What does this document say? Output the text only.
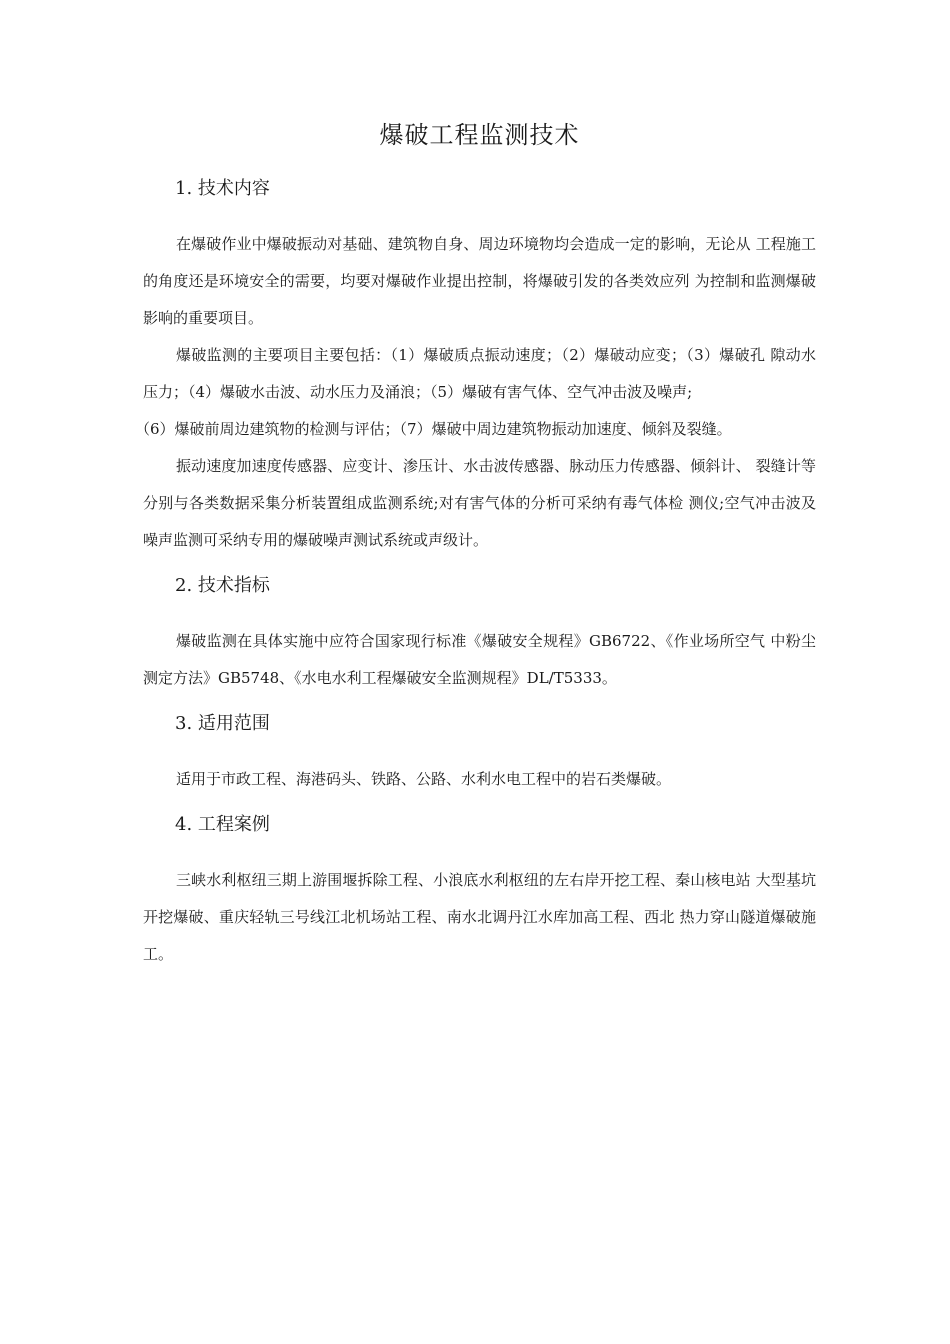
爆破工程监测技术
1. 技术内容

在爆破作业中爆破振动对基础、建筑物自身、周边环境物均会造成一定的影响，无论从 工程施工的角度还是环境安全的需要，均要对爆破作业提出控制，将爆破引发的各类效应列 为控制和监测爆破影响的重要项目。

爆破监测的主要项目主要包括：（1）爆破质点振动速度；（2）爆破动应变；（3）爆破孔 隙动水压力；（4）爆破水击波、动水压力及涌浪；（5）爆破有害气体、空气冲击波及噪声;

（6）爆破前周边建筑物的检测与评估；（7）爆破中周边建筑物振动加速度、倾斜及裂缝。

振动速度加速度传感器、应变计、渗压计、水击波传感器、脉动压力传感器、倾斜计、 裂缝计等分别与各类数据采集分析装置组成监测系统;对有害气体的分析可采纳有毒气体检 测仪;空气冲击波及噪声监测可采纳专用的爆破噪声测试系统或声级计。

2. 技术指标

爆破监测在具体实施中应符合国家现行标准《爆破安全规程》GB6722、《作业场所空气 中粉尘测定方法》GB5748、《水电水利工程爆破安全监测规程》DL/T5333。

3. 适用范围

适用于市政工程、海港码头、铁路、公路、水利水电工程中的岩石类爆破。

4. 工程案例

三峡水利枢纽三期上游围堰拆除工程、小浪底水利枢纽的左右岸开挖工程、秦山核电站 大型基坑开挖爆破、重庆轻轨三号线江北机场站工程、南水北调丹江水库加高工程、西北 热力穿山隧道爆破施工。
